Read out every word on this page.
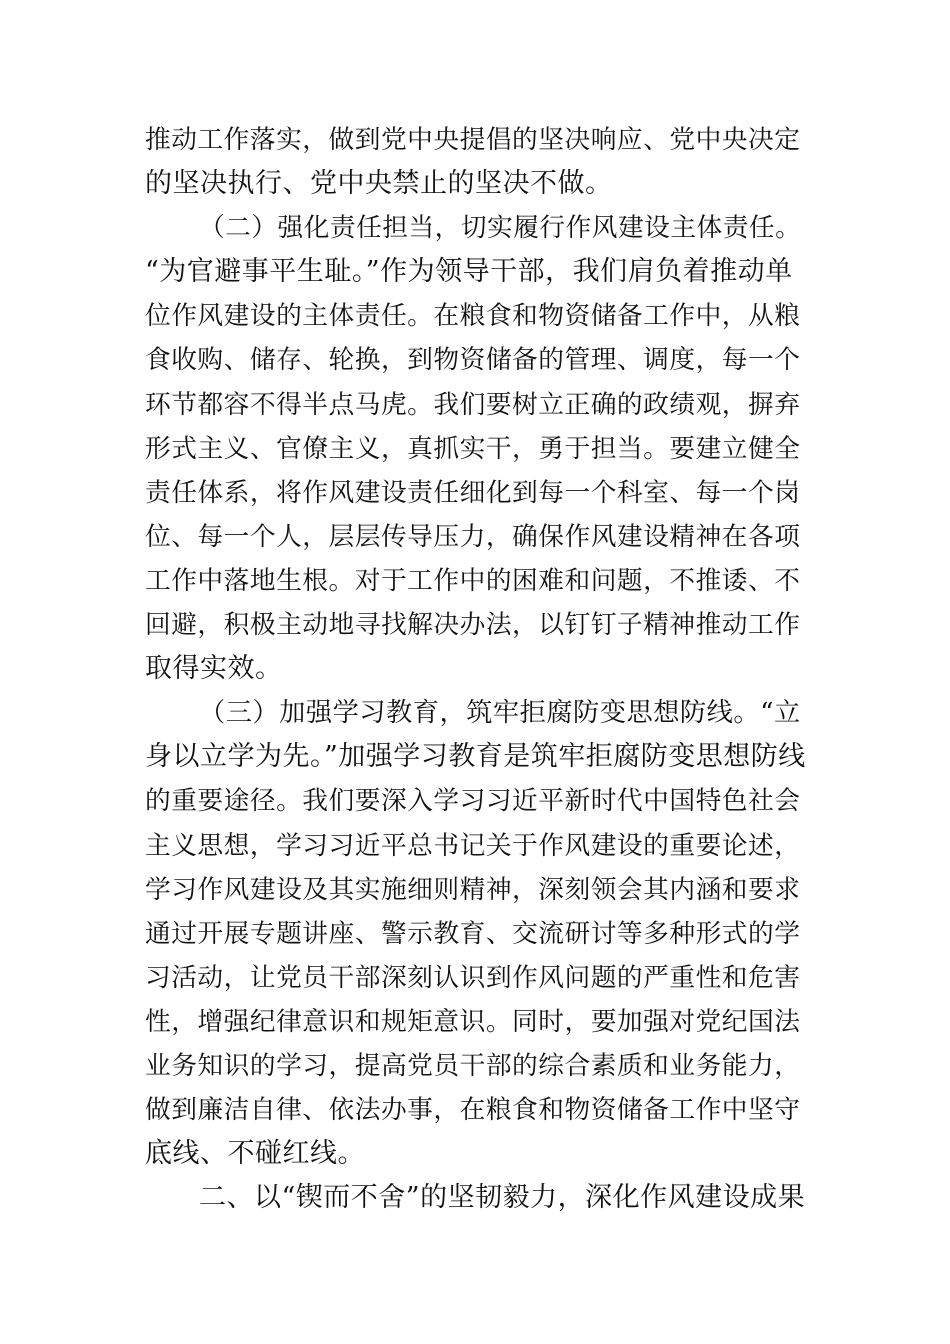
推动工作落实，做到党中央提倡的坚决响应、党中央决定
的坚决执行、党中央禁止的坚决不做。
（二）强化责任担当，切实履行作风建设主体责任。
“为官避事平生耻。”作为领导干部，我们肩负着推动单
位作风建设的主体责任。在粮食和物资储备工作中，从粮
食收购、储存、轮换，到物资储备的管理、调度，每一个
环节都容不得半点马虎。我们要树立正确的政绩观，摒弃
形式主义、官僚主义，真抓实干，勇于担当。要建立健全
责任体系，将作风建设责任细化到每一个科室、每一个岗
位、每一个人，层层传导压力，确保作风建设精神在各项
工作中落地生根。对于工作中的困难和问题，不推诿、不
回避，积极主动地寻找解决办法，以钉钉子精神推动工作
取得实效。
（三）加强学习教育，筑牢拒腐防变思想防线。“立
身以立学为先。”加强学习教育是筑牢拒腐防变思想防线
的重要途径。我们要深入学习习近平新时代中国特色社会
主义思想，学习习近平总书记关于作风建设的重要论述，
学习作风建设及其实施细则精神，深刻领会其内涵和要求
通过开展专题讲座、警示教育、交流研讨等多种形式的学
习活动，让党员干部深刻认识到作风问题的严重性和危害
性，增强纪律意识和规矩意识。同时，要加强对党纪国法
业务知识的学习，提高党员干部的综合素质和业务能力，
做到廉洁自律、依法办事，在粮食和物资储备工作中坚守
底线、不碰红线。
二、以“锲而不舍”的坚韧毅力，深化作风建设成果
